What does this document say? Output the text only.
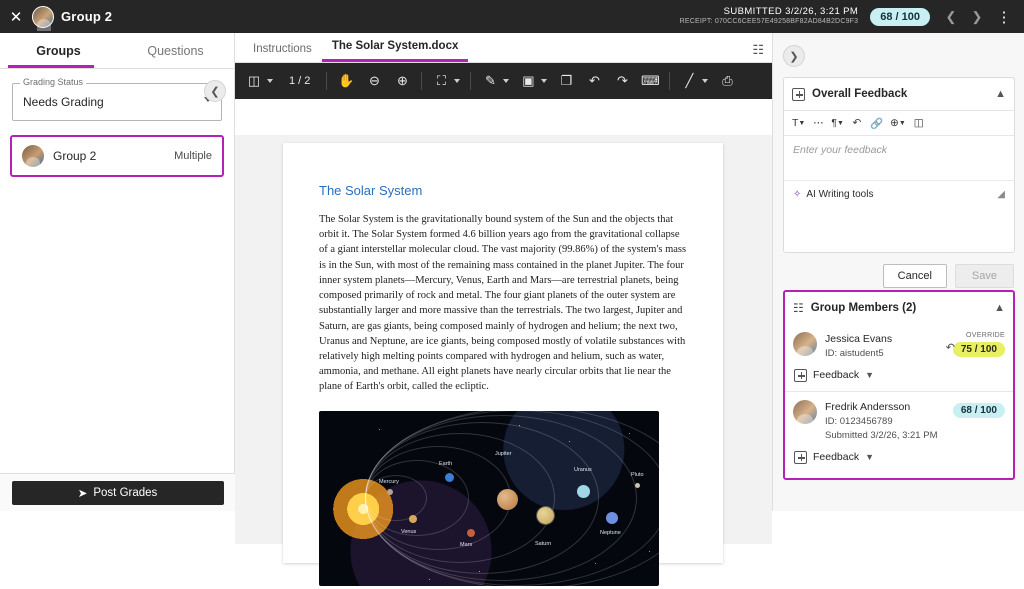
✕	Group 2	SUBMITTED 3/2/26, 3:21 PM
RECEIPT: 070CC6CEE57E49258BF82AD84B2DC9F3	68 / 100	❮	❯ ⋮
Groups	Questions
❮
Grading Status
Needs Grading
Group 2	Multiple
➤ Post Grades
Instructions	The Solar System.docx	☷
◫	1 / 2	✋	⊖	⊕	⛶	✎	▣	❐	↶	↷	⌨	╱	⎙
The Solar System

The Solar System is the gravitationally bound system of the Sun and the objects that orbit it. The Solar System formed 4.6 billion years ago from the gravitational collapse of a giant interstellar molecular cloud. The vast majority (99.86%) of the system's mass is in the Sun, with most of the remaining mass contained in the planet Jupiter. The four inner system planets—Mercury, Venus, Earth and Mars—are terrestrial planets, being composed primarily of rock and metal. The four giant planets of the outer system are substantially larger and more massive than the terrestrials. The two largest, Jupiter and Saturn, are gas giants, being composed mainly of hydrogen and helium; the next two, Uranus and Neptune, are ice giants, being composed mostly of volatile substances with relatively high melting points compared with hydrogen and helium, such as water, ammonia, and methane. All eight planets have nearly circular orbits that lie near the plane of Earth's orbit, called the ecliptic.

Mercury
Venus
Earth
Mars
Jupiter
Saturn
Uranus
Neptune
Pluto
❯
Overall Feedback	▲
T ▼ ⋯ ¶ ▼ ↶ 🔗 ⊕ ▼ ◫
Enter your feedback
✧ AI Writing tools	◢
Cancel	Save
☷ Group Members (2)	▲
Jessica Evans
ID: aistudent5
OVERRIDE
75 / 100
↶
Feedback ▼
Fredrik Andersson
ID: 0123456789
Submitted 3/2/26, 3:21 PM
68 / 100
Feedback ▼
